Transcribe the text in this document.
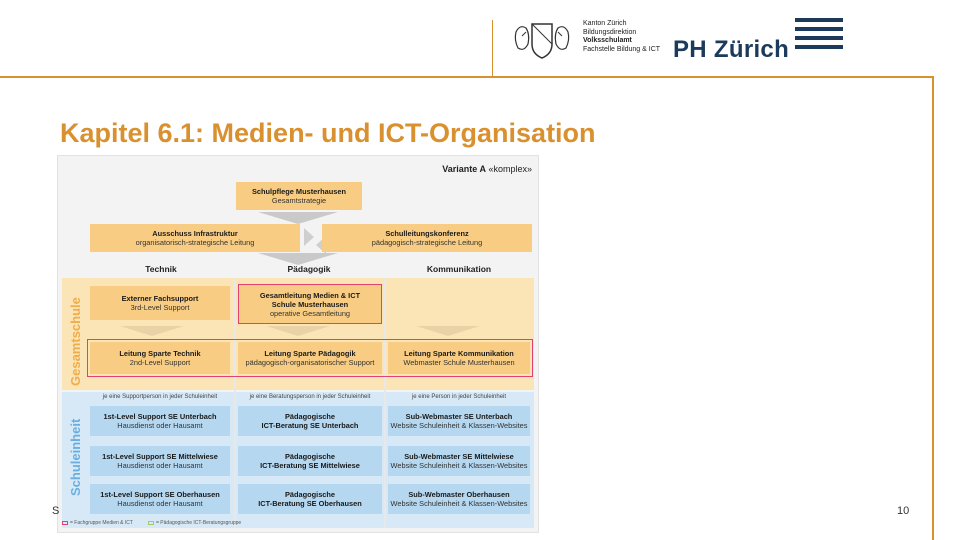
Kanton Zürich
Bildungsdirektion
Volksschulamt
Fachstelle Bildung & ICT PH Zürich
Kapitel 6.1: Medien- und ICT-Organisation
Variante A «komplex»
Schulpflege Musterhausen
Gesamtstrategie
Ausschuss Infrastruktur
organisatorisch-strategische Leitung
Schulleitungskonferenz
pädagogisch-strategische Leitung
Technik	Pädagogik	Kommunikation
Gesamtschule
Schuleinheit
Externer Fachsupport
3rd-Level Support
Gesamtleitung Medien & ICT
Schule Musterhausen
operative Gesamtleitung
Leitung Sparte Technik
2nd-Level Support
Leitung Sparte Pädagogik
pädagogisch-organisatorischer Support
Leitung Sparte Kommunikation
Webmaster Schule Musterhausen
je eine Supportperson in jeder Schuleinheit	je eine Beratungsperson in jeder Schuleinheit	je eine Person in jeder Schuleinheit
1st-Level Support SE Unterbach
Hausdienst oder Hausamt
1st-Level Support SE Mittelwiese
Hausdienst oder Hausamt
1st-Level Support SE Oberhausen
Hausdienst oder Hausamt
Pädagogische
ICT-Beratung SE Unterbach
Pädagogische
ICT-Beratung SE Mittelwiese
Pädagogische
ICT-Beratung SE Oberhausen
Sub-Webmaster SE Unterbach
Website Schuleinheit & Klassen-Websites
Sub-Webmaster SE Mittelwiese
Website Schuleinheit & Klassen-Websites
Sub-Webmaster Oberhausen
Website Schuleinheit & Klassen-Websites
= Fachgruppe Medien & ICT	= Pädagogische ICT-Beratungsgruppe
S	10
